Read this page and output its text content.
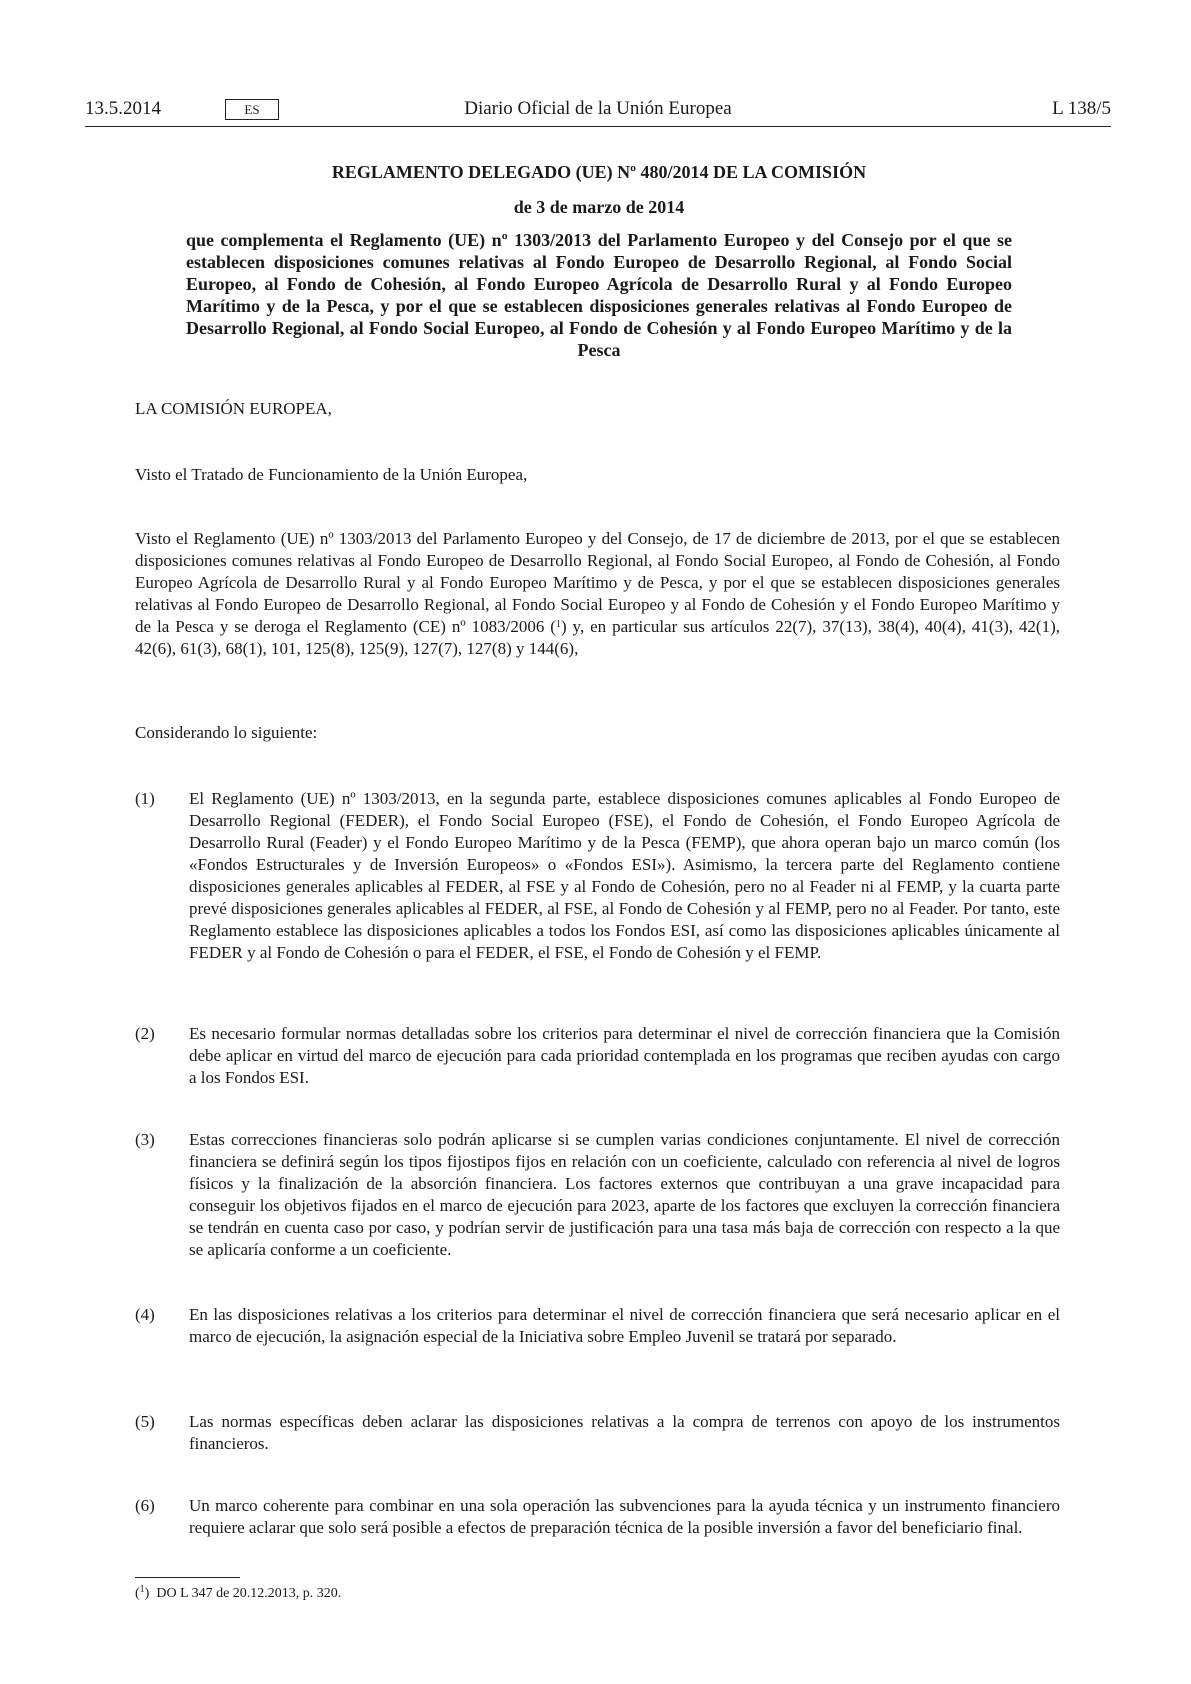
13.5.2014	ES	Diario Oficial de la Unión Europea	L 138/5
REGLAMENTO DELEGADO (UE) Nº 480/2014 DE LA COMISIÓN
de 3 de marzo de 2014
que complementa el Reglamento (UE) nº 1303/2013 del Parlamento Europeo y del Consejo por el que se establecen disposiciones comunes relativas al Fondo Europeo de Desarrollo Regional, al Fondo Social Europeo, al Fondo de Cohesión, al Fondo Europeo Agrícola de Desarrollo Rural y al Fondo Europeo Marítimo y de la Pesca, y por el que se establecen disposiciones generales relativas al Fondo Europeo de Desarrollo Regional, al Fondo Social Europeo, al Fondo de Cohesión y al Fondo Europeo Marítimo y de la Pesca
LA COMISIÓN EUROPEA,
Visto el Tratado de Funcionamiento de la Unión Europea,
Visto el Reglamento (UE) nº 1303/2013 del Parlamento Europeo y del Consejo, de 17 de diciembre de 2013, por el que se establecen disposiciones comunes relativas al Fondo Europeo de Desarrollo Regional, al Fondo Social Europeo, al Fondo de Cohesión, al Fondo Europeo Agrícola de Desarrollo Rural y al Fondo Europeo Marítimo y de Pesca, y por el que se establecen disposiciones generales relativas al Fondo Europeo de Desarrollo Regional, al Fondo Social Europeo y al Fondo de Cohesión y el Fondo Europeo Marítimo y de la Pesca y se deroga el Reglamento (CE) nº 1083/2006 ($^1$) y, en particular sus artículos 22(7), 37(13), 38(4), 40(4), 41(3), 42(1), 42(6), 61(3), 68(1), 101, 125(8), 125(9), 127(7), 127(8) y 144(6),
Considerando lo siguiente:
(1)	El Reglamento (UE) nº 1303/2013, en la segunda parte, establece disposiciones comunes aplicables al Fondo Europeo de Desarrollo Regional (FEDER), el Fondo Social Europeo (FSE), el Fondo de Cohesión, el Fondo Europeo Agrícola de Desarrollo Rural (Feader) y el Fondo Europeo Marítimo y de la Pesca (FEMP), que ahora operan bajo un marco común (los «Fondos Estructurales y de Inversión Europeos» o «Fondos ESI»). Asimismo, la tercera parte del Reglamento contiene disposiciones generales aplicables al FEDER, al FSE y al Fondo de Cohesión, pero no al Feader ni al FEMP, y la cuarta parte prevé disposiciones generales aplicables al FEDER, al FSE, al Fondo de Cohesión y al FEMP, pero no al Feader. Por tanto, este Reglamento establece las disposiciones aplicables a todos los Fondos ESI, así como las disposiciones aplicables únicamente al FEDER y al Fondo de Cohesión o para el FEDER, el FSE, el Fondo de Cohesión y el FEMP.
(2)	Es necesario formular normas detalladas sobre los criterios para determinar el nivel de corrección financiera que la Comisión debe aplicar en virtud del marco de ejecución para cada prioridad contemplada en los programas que reciben ayudas con cargo a los Fondos ESI.
(3)	Estas correcciones financieras solo podrán aplicarse si se cumplen varias condiciones conjuntamente. El nivel de corrección financiera se definirá según los tipos fijostipos fijos en relación con un coeficiente, calculado con referencia al nivel de logros físicos y la finalización de la absorción financiera. Los factores externos que contribuyan a una grave incapacidad para conseguir los objetivos fijados en el marco de ejecución para 2023, aparte de los factores que excluyen la corrección financiera se tendrán en cuenta caso por caso, y podrían servir de justificación para una tasa más baja de corrección con respecto a la que se aplicaría conforme a un coeficiente.
(4)	En las disposiciones relativas a los criterios para determinar el nivel de corrección financiera que será necesario aplicar en el marco de ejecución, la asignación especial de la Iniciativa sobre Empleo Juvenil se tratará por separado.
(5)	Las normas específicas deben aclarar las disposiciones relativas a la compra de terrenos con apoyo de los instrumentos financieros.
(6)	Un marco coherente para combinar en una sola operación las subvenciones para la ayuda técnica y un instrumento financiero requiere aclarar que solo será posible a efectos de preparación técnica de la posible inversión a favor del beneficiario final.
($^1$)  DO L 347 de 20.12.2013, p. 320.
